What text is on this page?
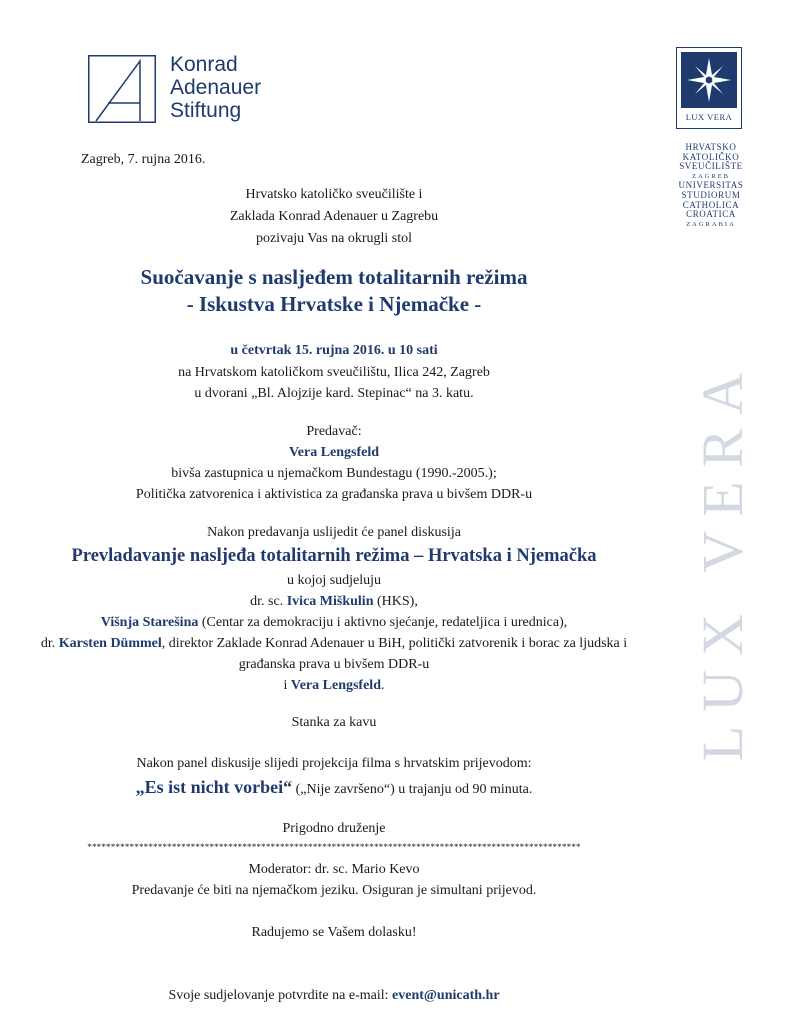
Konrad
Adenauer
Stiftung	LUX VERA
HRVATSKO
KATOLIČKO
SVEUČILIŠTE
ZAGREB
UNIVERSITAS
STUDIORUM
CATHOLICA
CROATICA
ZAGRABIA
LUX VERA
Zagreb, 7. rujna 2016.
Hrvatsko katoličko sveučilište i
Zaklada Konrad Adenauer u Zagrebu
pozivaju Vas na okrugli stol
Suočavanje s nasljeđem totalitarnih režima
- Iskustva Hrvatske i Njemačke -
u četvrtak 15. rujna 2016. u 10 sati
na Hrvatskom katoličkom sveučilištu, Ilica 242, Zagreb
u dvorani „Bl. Alojzije kard. Stepinac“ na 3. katu.
Predavač:
Vera Lengsfeld
bivša zastupnica u njemačkom Bundestagu (1990.-2005.);
Politička zatvorenica i aktivistica za građanska prava u bivšem DDR-u
Nakon predavanja uslijedit će panel diskusija
Prevladavanje nasljeđa totalitarnih režima – Hrvatska i Njemačka
u kojoj sudjeluju
dr. sc. Ivica Miškulin (HKS),
Višnja Starešina (Centar za demokraciju i aktivno sjećanje, redateljica i urednica),
dr. Karsten Dümmel, direktor Zaklade Konrad Adenauer u BiH, politički zatvorenik i borac za ljudska i
građanska prava u bivšem DDR-u
i Vera Lengsfeld.
Stanka za kavu
Nakon panel diskusije slijedi projekcija filma s hrvatskim prijevodom:
„Es ist nicht vorbei“ („Nije završeno“) u trajanju od 90 minuta.
Prigodno druženje
*********************************************************************************************************
Moderator: dr. sc. Mario Kevo
Predavanje će biti na njemačkom jeziku. Osiguran je simultani prijevod.
Radujemo se Vašem dolasku!
Svoje sudjelovanje potvrdite na e-mail: event@unicath.hr
